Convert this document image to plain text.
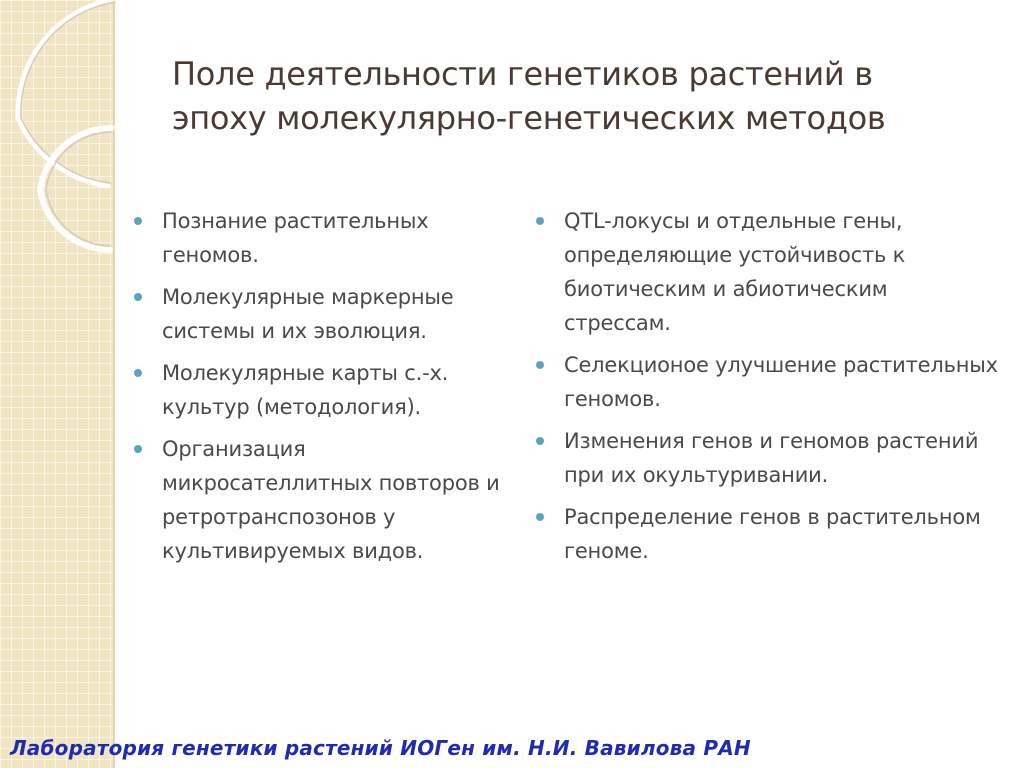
Поле деятельности генетиков растений в
эпоху молекулярно-генетических методов
Познание растительных геномов.
Молекулярные маркерные системы и их эволюция.
Молекулярные карты с.-х. культур (методология).
Организация микросателлитных повторов и ретротранспозонов у культивируемых видов.
QTL-локусы и отдельные гены, определяющие устойчивость к биотическим и абиотическим стрессам.
Селекционое улучшение растительных геномов.
Изменения генов и геномов растений при их окультуривании.
Распределение генов в растительном геноме.
Лаборатория генетики растений ИОГен им. Н.И. Вавилова РАН
